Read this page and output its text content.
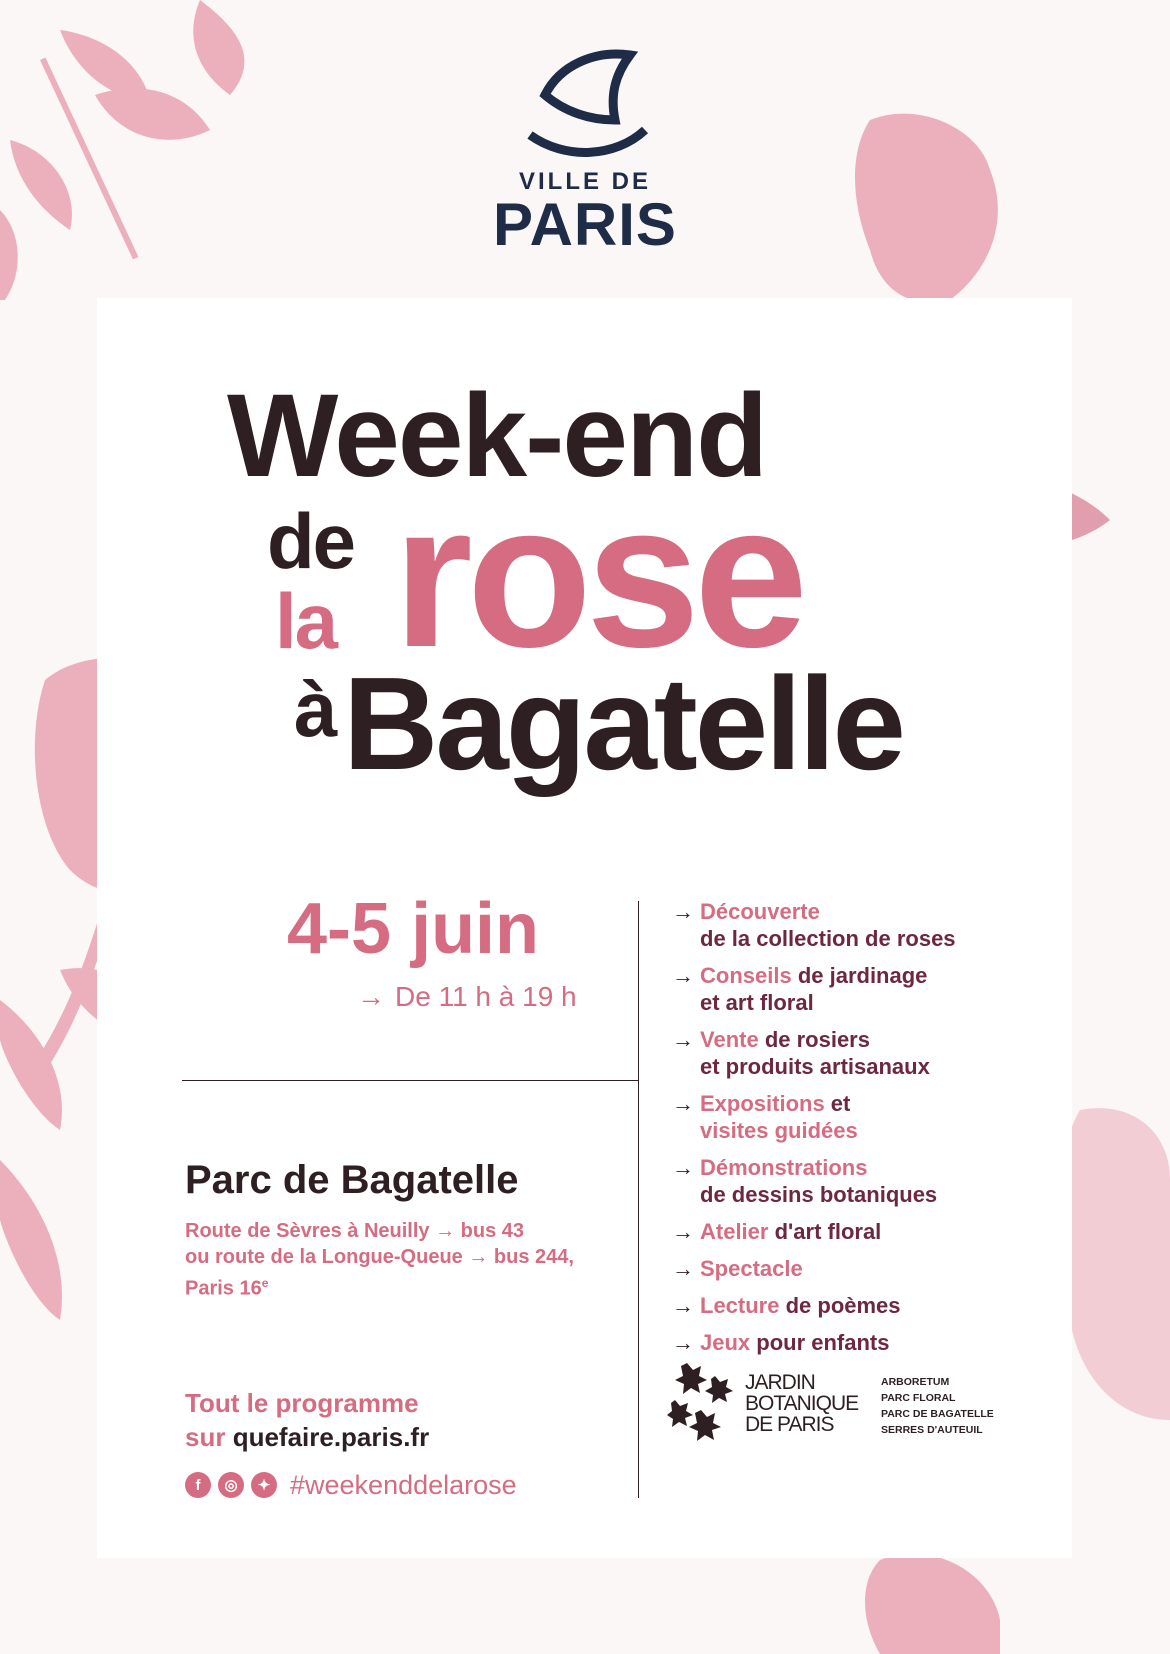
VILLE DE
PARIS
Week-end
rose
de
la
à Bagatelle
4-5 juin
→ De 11 h à 19 h
Parc de Bagatelle
Route de Sèvres à Neuilly → bus 43
ou route de la Longue-Queue → bus 244,
Paris 16e
Tout le programme
sur quefaire.paris.fr
f	◎	✦ #weekenddelarose
→ Découverte
de la collection de roses
→ Conseils de jardinage
et art floral
→ Vente de rosiers
et produits artisanaux
→ Expositions et
visites guidées
→ Démonstrations
de dessins botaniques
→ Atelier d'art floral
→ Spectacle
→ Lecture de poèmes
→ Jeux pour enfants
JARDIN
BOTANIQUE
DE PARIS
ARBORETUM
PARC FLORAL
PARC DE BAGATELLE
SERRES D'AUTEUIL
